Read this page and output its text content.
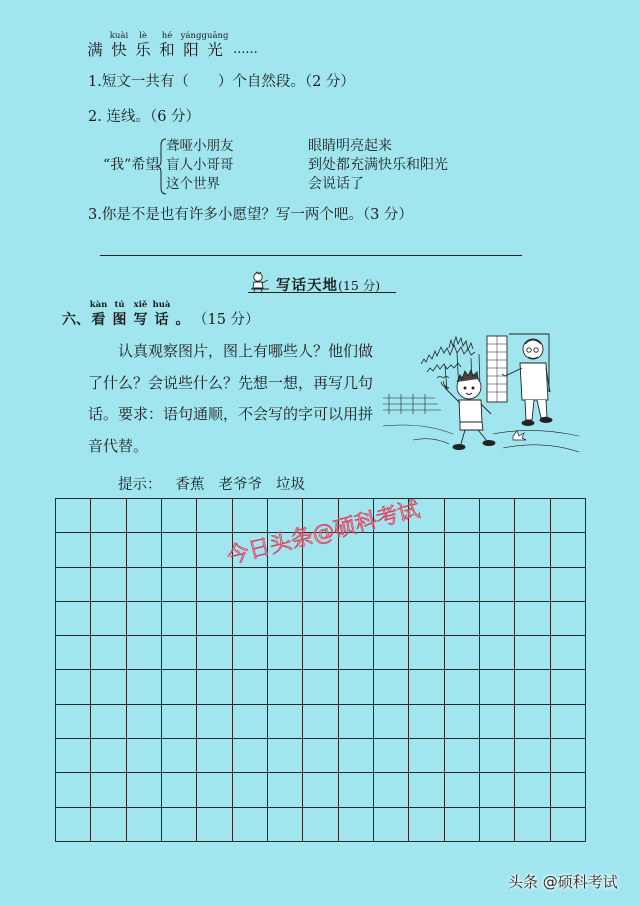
满
kuài
快
lè
乐
hé
和
yáng
阳
guāng
光 ......
1.短文一共有（　　）个自然段。（2 分）
2. 连线。（6 分）
“我”希望
聋哑小朋友
盲人小哥哥
这个世界
眼睛明亮起来
到处都充满快乐和阳光
会说话了
3.你是不是也有许多小愿望？写一两个吧。（3 分）
写话天地(15 分)
六、
kàn
看
tú
图
xiě
写
huà
话 。 （15 分）
认真观察图片，图上有哪些人？他们做
了什么？会说些什么？先想一想，再写几句
话。要求：语句通顺，不会写的字可以用拼
音代替。
提示： 香蕉 老爷爷 垃圾
今日头条@硕科考试
头条 @硕科考试
